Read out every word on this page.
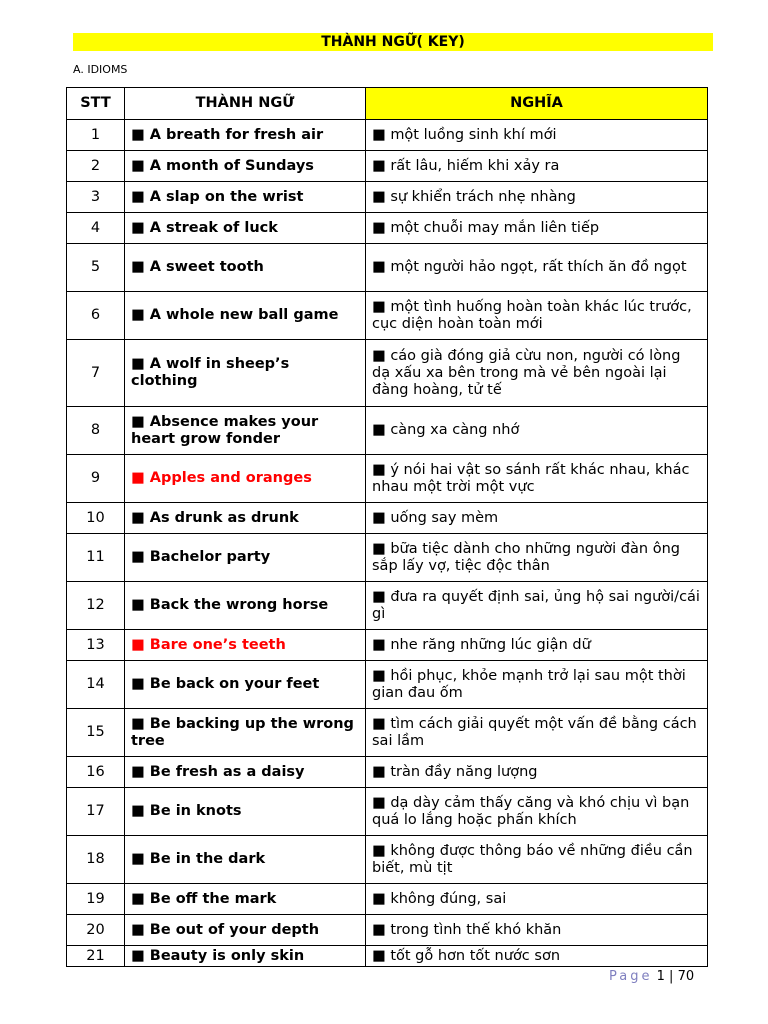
THÀNH NGỮ( KEY)
A. IDIOMS
STT	THÀNH NGỮ	NGHĨA
1	■ A breath for fresh air	■ một luồng sinh khí mới
2	■ A month of Sundays	■ rất lâu, hiếm khi xảy ra
3	■ A slap on the wrist	■ sự khiển trách nhẹ nhàng
4	■ A streak of luck	■ một chuỗi may mắn liên tiếp
5	■ A sweet tooth	■ một người hảo ngọt, rất thích ăn đồ ngọt
6	■ A whole new ball game	■ một tình huống hoàn toàn khác lúc trước, cục diện hoàn toàn mới
7	■ A wolf in sheep’s clothing	■ cáo già đóng giả cừu non, người có lòng dạ xấu xa bên trong mà vẻ bên ngoài lại đàng hoàng, tử tế
8	■ Absence makes your heart grow fonder	■ càng xa càng nhớ
9	■ Apples and oranges	■ ý nói hai vật so sánh rất khác nhau, khác nhau một trời một vực
10	■ As drunk as drunk	■ uống say mèm
11	■ Bachelor party	■ bữa tiệc dành cho những người đàn ông sắp lấy vợ, tiệc độc thân
12	■ Back the wrong horse	■ đưa ra quyết định sai, ủng hộ sai người/cái gì
13	■ Bare one’s teeth	■ nhe răng những lúc giận dữ
14	■ Be back on your feet	■ hồi phục, khỏe mạnh trở lại sau một thời gian đau ốm
15	■ Be backing up the wrong tree	■ tìm cách giải quyết một vấn đề bằng cách sai lầm
16	■ Be fresh as a daisy	■ tràn đầy năng lượng
17	■ Be in knots	■ dạ dày cảm thấy căng và khó chịu vì bạn quá lo lắng hoặc phấn khích
18	■ Be in the dark	■ không được thông báo về những điều cần biết, mù tịt
19	■ Be off the mark	■ không đúng, sai
20	■ Be out of your depth	■ trong tình thế khó khăn
21	■ Beauty is only skin	■ tốt gỗ hơn tốt nước sơn
Page 1 | 70
